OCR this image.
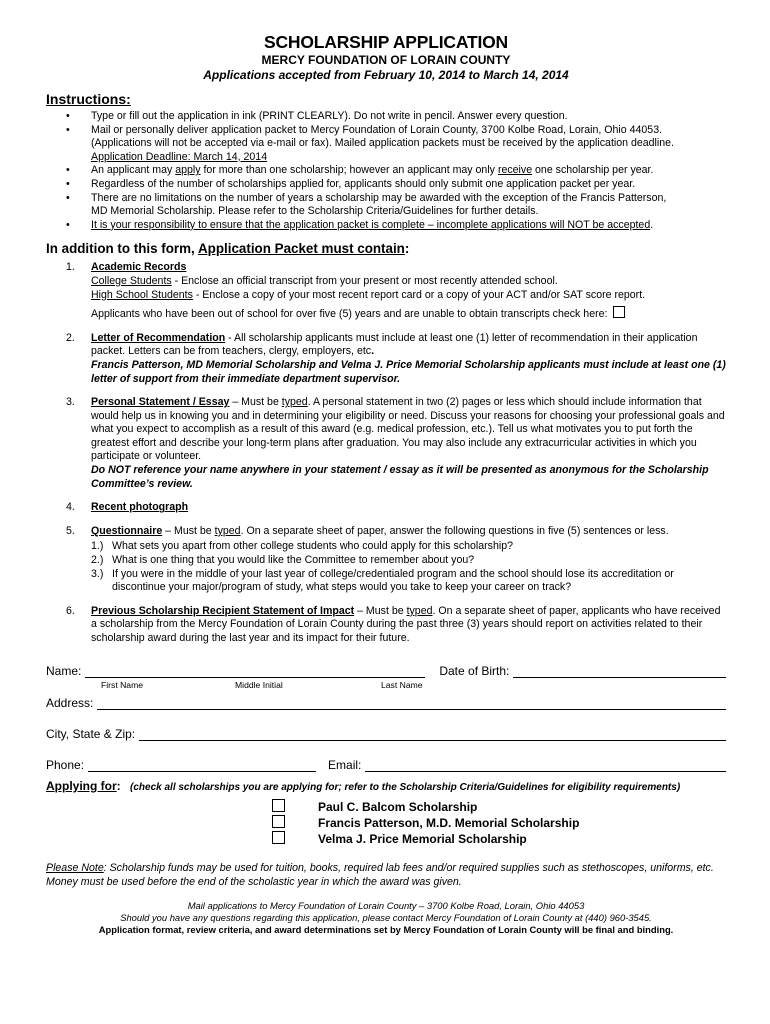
SCHOLARSHIP APPLICATION
MERCY FOUNDATION OF LORAIN COUNTY
Applications accepted from February 10, 2014 to March 14, 2014
Instructions:
• Type or fill out the application in ink (PRINT CLEARLY). Do not write in pencil. Answer every question.
• Mail or personally deliver application packet to Mercy Foundation of Lorain County, 3700 Kolbe Road, Lorain, Ohio 44053.
(Applications will not be accepted via e-mail or fax). Mailed application packets must be received by the application deadline.
Application Deadline: March 14, 2014
• An applicant may apply for more than one scholarship; however an applicant may only receive one scholarship per year.
• Regardless of the number of scholarships applied for, applicants should only submit one application packet per year.
• There are no limitations on the number of years a scholarship may be awarded with the exception of the Francis Patterson,
MD Memorial Scholarship. Please refer to the Scholarship Criteria/Guidelines for further details.
• It is your responsibility to ensure that the application packet is complete – incomplete applications will NOT be accepted.
In addition to this form, Application Packet must contain:
1. Academic Records
College Students - Enclose an official transcript from your present or most recently attended school.
High School Students - Enclose a copy of your most recent report card or a copy of your ACT and/or SAT score report.

Applicants who have been out of school for over five (5) years and are unable to obtain transcripts check here:
2. Letter of Recommendation - All scholarship applicants must include at least one (1) letter of recommendation in their application packet. Letters can be from teachers, clergy, employers, etc.
Francis Patterson, MD Memorial Scholarship and Velma J. Price Memorial Scholarship applicants must include at least one (1) letter of support from their immediate department supervisor.
3. Personal Statement / Essay – Must be typed. A personal statement in two (2) pages or less which should include information that would help us in knowing you and in determining your eligibility or need. Discuss your reasons for choosing your professional goals and what you expect to accomplish as a result of this award (e.g. medical profession, etc.). Tell us what motivates you to put forth the greatest effort and describe your long-term plans after graduation. You may also include any extracurricular activities in which you participate or volunteer.
Do NOT reference your name anywhere in your statement / essay as it will be presented as anonymous for the Scholarship Committee’s review.
4. Recent photograph
5. Questionnaire – Must be typed. On a separate sheet of paper, answer the following questions in five (5) sentences or less.
1.) What sets you apart from other college students who could apply for this scholarship?
2.) What is one thing that you would like the Committee to remember about you?
3.) If you were in the middle of your last year of college/credentialed program and the school should lose its accreditation or discontinue your major/program of study, what steps would you take to keep your career on track?
6. Previous Scholarship Recipient Statement of Impact – Must be typed. On a separate sheet of paper, applicants who have received a scholarship from the Mercy Foundation of Lorain County during the past three (3) years should report on activities related to their scholarship award during the last year and its impact for their future.
Name:	Date of Birth:
First Name	Middle Initial	Last Name
Address:
City, State & Zip:
Phone:	Email:
Applying for: (check all scholarships you are applying for; refer to the Scholarship Criteria/Guidelines for eligibility requirements)
Paul C. Balcom Scholarship
Francis Patterson, M.D. Memorial Scholarship
Velma J. Price Memorial Scholarship
Please Note: Scholarship funds may be used for tuition, books, required lab fees and/or required supplies such as stethoscopes, uniforms, etc. Money must be used before the end of the scholastic year in which the award was given.
Mail applications to Mercy Foundation of Lorain County – 3700 Kolbe Road, Lorain, Ohio 44053
Should you have any questions regarding this application, please contact Mercy Foundation of Lorain County at (440) 960-3545.
Application format, review criteria, and award determinations set by Mercy Foundation of Lorain County will be final and binding.
